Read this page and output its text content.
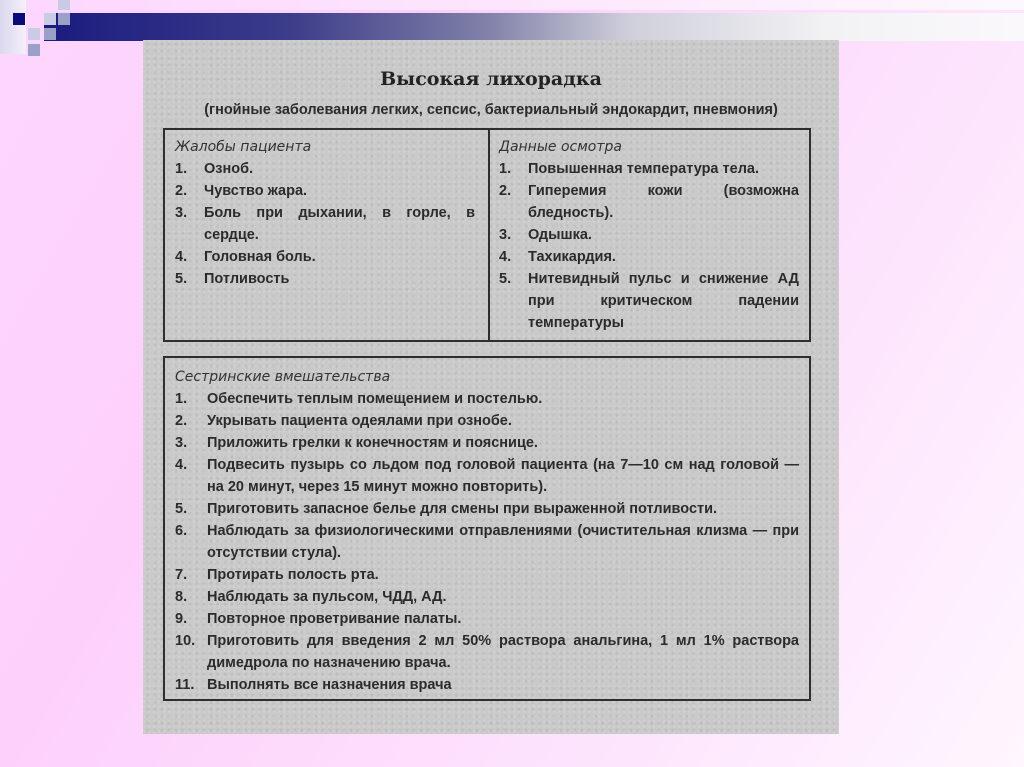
Высокая лихорадка
(гнойные заболевания легких, сепсис, бактериальный эндокардит, пневмония)
Жалобы пациента
1.	Озноб.
2.	Чувство жара.
3.	Боль при дыхании, в горле, в сердце.
4.	Головная боль.
5.	Потливость
Данные осмотра
1.	Повышенная температура тела.
2.	Гиперемия кожи (возможна бледность).
3.	Одышка.
4.	Тахикардия.
5.	Нитевидный пульс и снижение АД при критическом падении температуры
Сестринские вмешательства
1.	Обеспечить теплым помещением и постелью.
2.	Укрывать пациента одеялами при ознобе.
3.	Приложить грелки к конечностям и пояснице.
4.	Подвесить пузырь со льдом под головой пациента (на 7—10 см над головой — на 20 минут, через 15 минут можно повторить).
5.	Приготовить запасное белье для смены при выраженной потливости.
6.	Наблюдать за физиологическими отправлениями (очистительная клизма — при отсутствии стула).
7.	Протирать полость рта.
8.	Наблюдать за пульсом, ЧДД, АД.
9.	Повторное проветривание палаты.
10. Приготовить для введения 2 мл 50% раствора анальгина, 1 мл 1% раствора димедрола по назначению врача.
11. Выполнять все назначения врача
